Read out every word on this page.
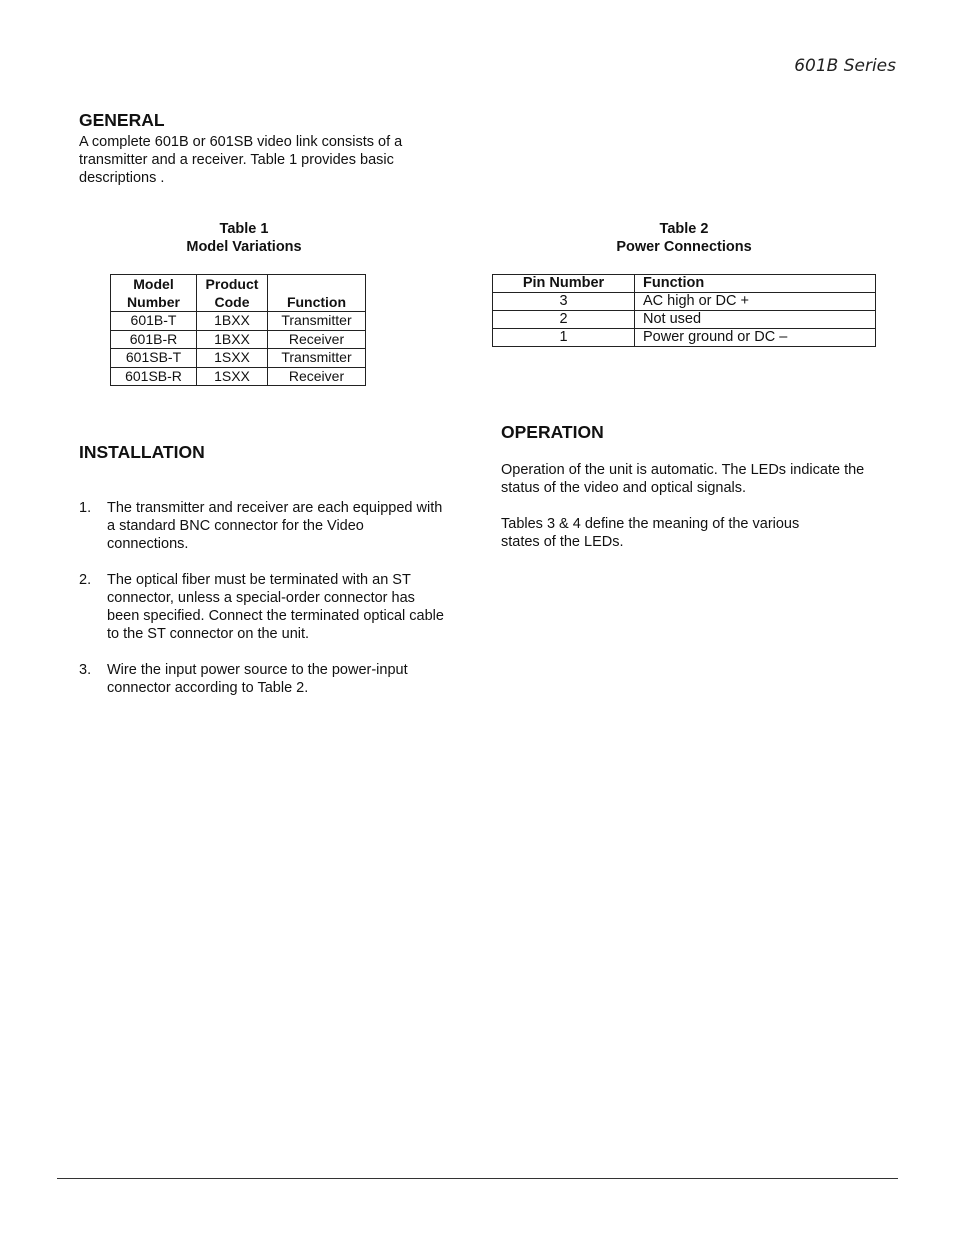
601B Series
GENERAL

A complete 601B or 601SB video link consists of a transmitter and a receiver. Table 1 provides basic descriptions .

Table 1
Model Variations
Model Number	Product Code	Function
601B-T	1BXX	Transmitter
601B-R	1BXX	Receiver
601SB-T	1SXX	Transmitter
601SB-R	1SXX	Receiver
Table 2
Power Connections
Pin Number	Function
3	AC high or DC +
2	Not used
1	Power ground or DC –
INSTALLATION
1. The transmitter and receiver are each equipped with a standard BNC connector for the Video connections.
2. The optical fiber must be terminated with an ST connector, unless a special-order connector has been specified. Connect the terminated optical cable to the ST connector on the unit.
3. Wire the input power source to the power-input connector according to Table 2.
OPERATION

Operation of the unit is automatic. The LEDs indicate the status of the video and optical signals.

Tables 3 & 4 define the meaning of the various states of the LEDs.
